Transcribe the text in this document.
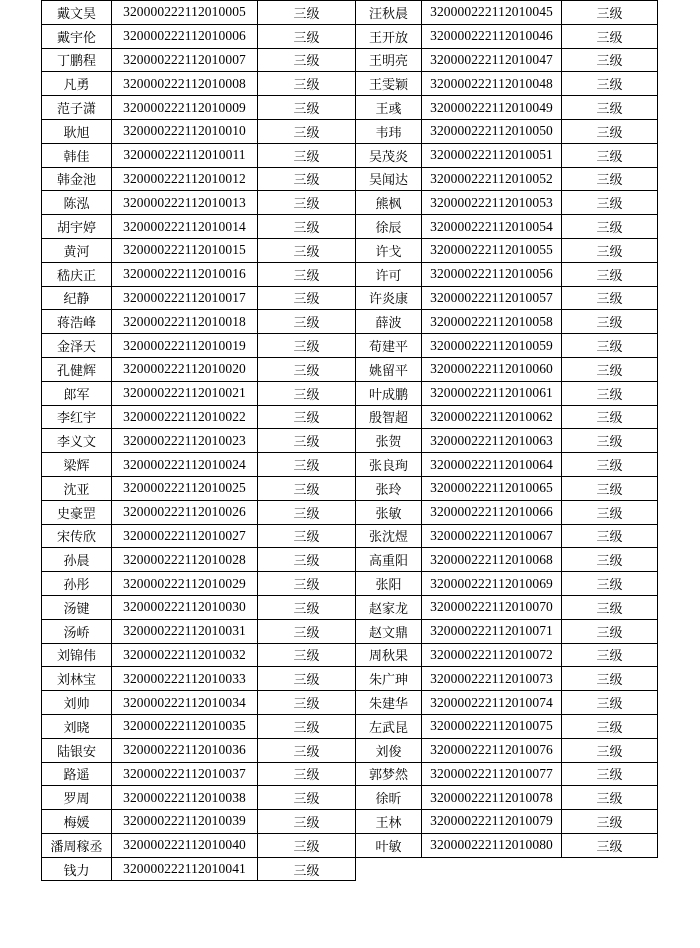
戴文昊	320000222112010005	三级	汪秋晨	320000222112010045	三级
戴宇伦	320000222112010006	三级	王开放	320000222112010046	三级
丁鹏程	320000222112010007	三级	王明亮	320000222112010047	三级
凡勇	320000222112010008	三级	王雯颖	320000222112010048	三级
范子潇	320000222112010009	三级	王彧	320000222112010049	三级
耿旭	320000222112010010	三级	韦玮	320000222112010050	三级
韩佳	320000222112010011	三级	吴茂炎	320000222112010051	三级
韩金池	320000222112010012	三级	吴闻达	320000222112010052	三级
陈泓	320000222112010013	三级	熊枫	320000222112010053	三级
胡宇婷	320000222112010014	三级	徐辰	320000222112010054	三级
黄河	320000222112010015	三级	许戈	320000222112010055	三级
嵇庆正	320000222112010016	三级	许可	320000222112010056	三级
纪静	320000222112010017	三级	许炎康	320000222112010057	三级
蒋浩峰	320000222112010018	三级	薛波	320000222112010058	三级
金泽天	320000222112010019	三级	荀建平	320000222112010059	三级
孔健辉	320000222112010020	三级	姚留平	320000222112010060	三级
郎军	320000222112010021	三级	叶成鹏	320000222112010061	三级
李红宇	320000222112010022	三级	殷智超	320000222112010062	三级
李义文	320000222112010023	三级	张贺	320000222112010063	三级
梁辉	320000222112010024	三级	张良珣	320000222112010064	三级
沈亚	320000222112010025	三级	张玲	320000222112010065	三级
史豪罡	320000222112010026	三级	张敏	320000222112010066	三级
宋传欣	320000222112010027	三级	张沈煜	320000222112010067	三级
孙晨	320000222112010028	三级	高重阳	320000222112010068	三级
孙彤	320000222112010029	三级	张阳	320000222112010069	三级
汤键	320000222112010030	三级	赵家龙	320000222112010070	三级
汤峤	320000222112010031	三级	赵文鼎	320000222112010071	三级
刘锦伟	320000222112010032	三级	周秋果	320000222112010072	三级
刘林宝	320000222112010033	三级	朱广珅	320000222112010073	三级
刘帅	320000222112010034	三级	朱建华	320000222112010074	三级
刘晓	320000222112010035	三级	左武昆	320000222112010075	三级
陆银安	320000222112010036	三级	刘俊	320000222112010076	三级
路遥	320000222112010037	三级	郭梦然	320000222112010077	三级
罗周	320000222112010038	三级	徐昕	320000222112010078	三级
梅媛	320000222112010039	三级	王林	320000222112010079	三级
潘周稼丞	320000222112010040	三级	叶敏	320000222112010080	三级
钱力	320000222112010041	三级			
